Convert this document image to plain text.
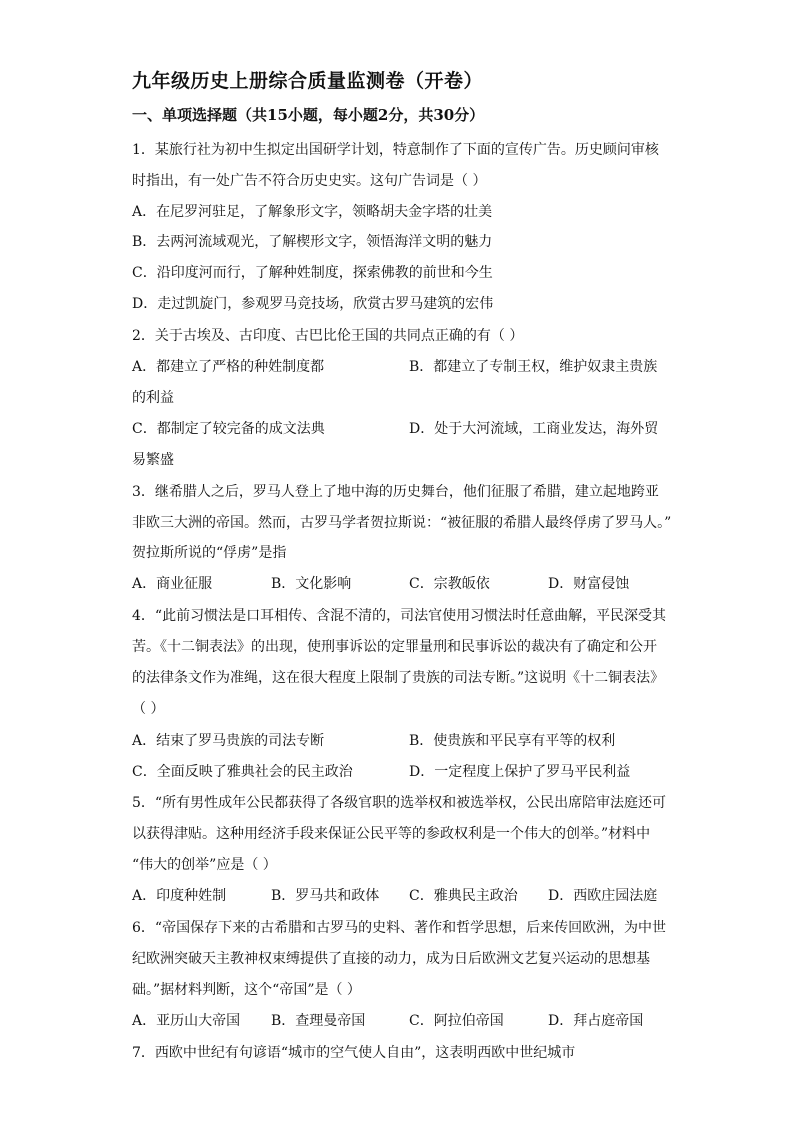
九年级历史上册综合质量监测卷（开卷）
一、单项选择题（共15小题，每小题2分，共30分）
1．某旅行社为初中生拟定出国研学计划，特意制作了下面的宣传广告。历史顾问审核
时指出，有一处广告不符合历史史实。这句广告词是（ ）
A．在尼罗河驻足，了解象形文字，领略胡夫金字塔的壮美
B．去两河流域观光，了解楔形文字，领悟海洋文明的魅力
C．沿印度河而行，了解种姓制度，探索佛教的前世和今生
D．走过凯旋门，参观罗马竞技场，欣赏古罗马建筑的宏伟
2．关于古埃及、古印度、古巴比伦王国的共同点正确的有（ ）
A．都建立了严格的种姓制度都	B．都建立了专制王权，维护奴隶主贵族
的利益
C．都制定了较完备的成文法典	D．处于大河流域，工商业发达，海外贸
易繁盛
3．继希腊人之后，罗马人登上了地中海的历史舞台，他们征服了希腊，建立起地跨亚
非欧三大洲的帝国。然而，古罗马学者贺拉斯说：“被征服的希腊人最终俘虏了罗马人。”
贺拉斯所说的“俘虏”是指
A．商业征服	B．文化影响	C．宗教皈依	D．财富侵蚀
4．“此前习惯法是口耳相传、含混不清的，司法官使用习惯法时任意曲解，平民深受其
苦。《十二铜表法》的出现，使刑事诉讼的定罪量刑和民事诉讼的裁决有了确定和公开
的法律条文作为准绳，这在很大程度上限制了贵族的司法专断。”这说明《十二铜表法》
（ ）
A．结束了罗马贵族的司法专断	B．使贵族和平民享有平等的权利
C．全面反映了雅典社会的民主政治	D．一定程度上保护了罗马平民利益
5．“所有男性成年公民都获得了各级官职的选举权和被选举权，公民出席陪审法庭还可
以获得津贴。这种用经济手段来保证公民平等的参政权利是一个伟大的创举。”材料中
“伟大的创举”应是（ ）
A．印度种姓制	B．罗马共和政体 C．雅典民主政治 D．西欧庄园法庭
6．“帝国保存下来的古希腊和古罗马的史料、著作和哲学思想，后来传回欧洲，为中世
纪欧洲突破天主教神权束缚提供了直接的动力，成为日后欧洲文艺复兴运动的思想基
础。”据材料判断，这个“帝国”是（ ）
A．亚历山大帝国 B．查理曼帝国	C．阿拉伯帝国	D．拜占庭帝国
7．西欧中世纪有句谚语“城市的空气使人自由”，这表明西欧中世纪城市
